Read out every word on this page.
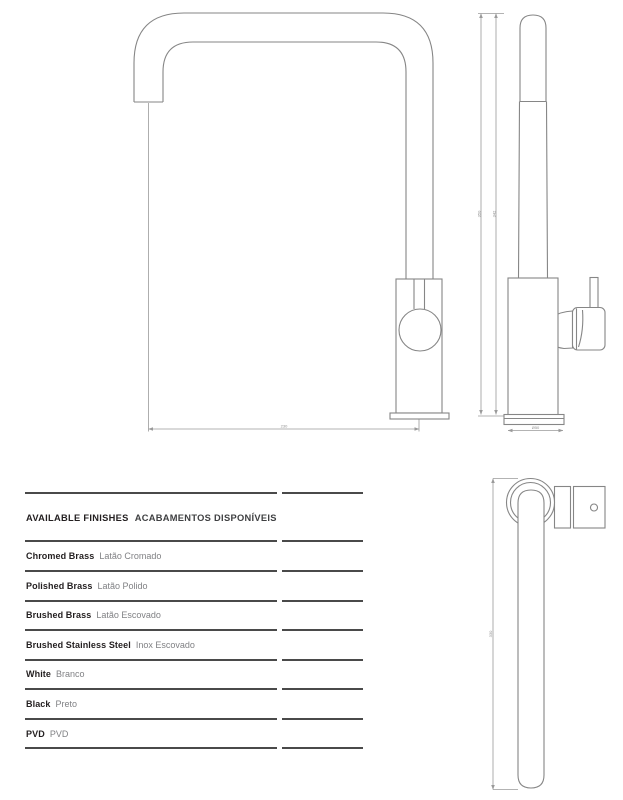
230
350	342
Ø50
330
AVAILABLE FINISHES ACABAMENTOS DISPONÍVEIS
Chromed Brass Latão Cromado
Polished Brass Latão Polido
Brushed Brass Latão Escovado
Brushed Stainless Steel Inox Escovado
White Branco
Black Preto
PVD PVD
